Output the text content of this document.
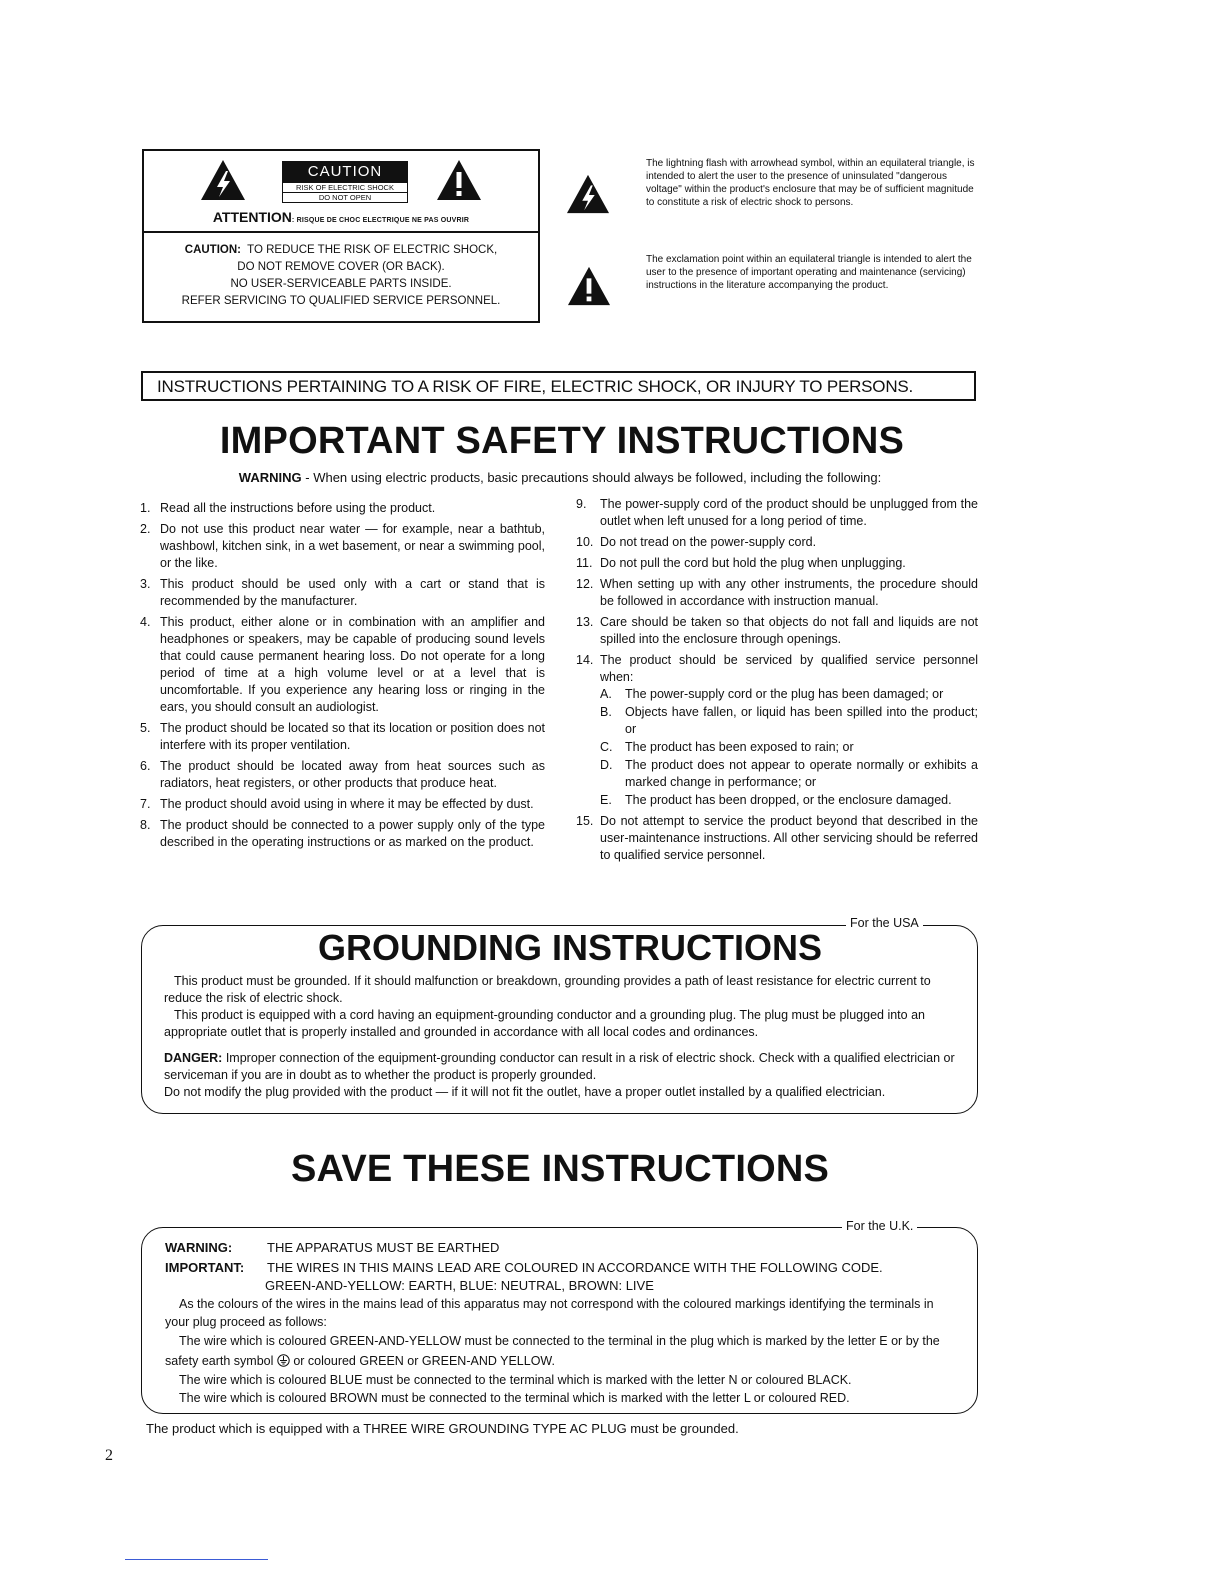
CAUTION
RISK OF ELECTRIC SHOCK
DO NOT OPEN
ATTENTION: RISQUE DE CHOC ELECTRIQUE NE PAS OUVRIR
CAUTION: TO REDUCE THE RISK OF ELECTRIC SHOCK,
DO NOT REMOVE COVER (OR BACK).
NO USER-SERVICEABLE PARTS INSIDE.
REFER SERVICING TO QUALIFIED SERVICE PERSONNEL.
The lightning flash with arrowhead symbol, within an equilateral triangle, is intended to alert the user to the presence of uninsulated "dangerous voltage" within the product's enclosure that may be of sufficient magnitude to constitute a risk of electric shock to persons.
The exclamation point within an equilateral triangle is intended to alert the user to the presence of important operating and maintenance (servicing) instructions in the literature accompanying the product.
INSTRUCTIONS PERTAINING TO A RISK OF FIRE, ELECTRIC SHOCK, OR INJURY TO PERSONS.
IMPORTANT SAFETY INSTRUCTIONS
WARNING - When using electric products, basic precautions should always be followed, including the following:
1. Read all the instructions before using the product.
2. Do not use this product near water — for example, near a bathtub, washbowl, kitchen sink, in a wet basement, or near a swimming pool, or the like.
3. This product should be used only with a cart or stand that is recommended by the manufacturer.
4. This product, either alone or in combination with an amplifier and headphones or speakers, may be capable of producing sound levels that could cause permanent hearing loss. Do not operate for a long period of time at a high volume level or at a level that is uncomfortable. If you experience any hearing loss or ringing in the ears, you should consult an audiologist.
5. The product should be located so that its location or position does not interfere with its proper ventilation.
6. The product should be located away from heat sources such as radiators, heat registers, or other products that produce heat.
7. The product should avoid using in where it may be effected by dust.
8. The product should be connected to a power supply only of the type described in the operating instructions or as marked on the product.
9.	The power-supply cord of the product should be unplugged from the outlet when left unused for a long period of time.
10. Do not tread on the power-supply cord.
11. Do not pull the cord but hold the plug when unplugging.
12. When setting up with any other instruments, the procedure should be followed in accordance with instruction manual.
13. Care should be taken so that objects do not fall and liquids are not spilled into the enclosure through openings.
14. The product should be serviced by qualified service personnel when:
A.	The power-supply cord or the plug has been damaged; or
B.	Objects have fallen, or liquid has been spilled into the product; or
C. The product has been exposed to rain; or
D. The product does not appear to operate normally or exhibits a marked change in performance; or
E.	The product has been dropped, or the enclosure damaged.
15. Do not attempt to service the product beyond that described in the user-maintenance instructions. All other servicing should be referred to qualified service personnel.
For the USA
GROUNDING INSTRUCTIONS
This product must be grounded. If it should malfunction or breakdown, grounding provides a path of least resistance for electric current to reduce the risk of electric shock.
This product is equipped with a cord having an equipment-grounding conductor and a grounding plug. The plug must be plugged into an appropriate outlet that is properly installed and grounded in accordance with all local codes and ordinances.
DANGER: Improper connection of the equipment-grounding conductor can result in a risk of electric shock. Check with a qualified electrician or serviceman if you are in doubt as to whether the product is properly grounded.
Do not modify the plug provided with the product — if it will not fit the outlet, have a proper outlet installed by a qualified electrician.
SAVE THESE INSTRUCTIONS
For the U.K.
WARNING:	THE APPARATUS MUST BE EARTHED
IMPORTANT: THE WIRES IN THIS MAINS LEAD ARE COLOURED IN ACCORDANCE WITH THE FOLLOWING CODE.
GREEN-AND-YELLOW: EARTH, BLUE: NEUTRAL, BROWN: LIVE
As the colours of the wires in the mains lead of this apparatus may not correspond with the coloured markings identifying the terminals in your plug proceed as follows:
The wire which is coloured GREEN-AND-YELLOW must be connected to the terminal in the plug which is marked by the letter E or by the safety earth symbol  or coloured GREEN or GREEN-AND YELLOW.
The wire which is coloured BLUE must be connected to the terminal which is marked with the letter N or coloured BLACK.
The wire which is coloured BROWN must be connected to the terminal which is marked with the letter L or coloured RED.
The product which is equipped with a THREE WIRE GROUNDING TYPE AC PLUG must be grounded.
2
